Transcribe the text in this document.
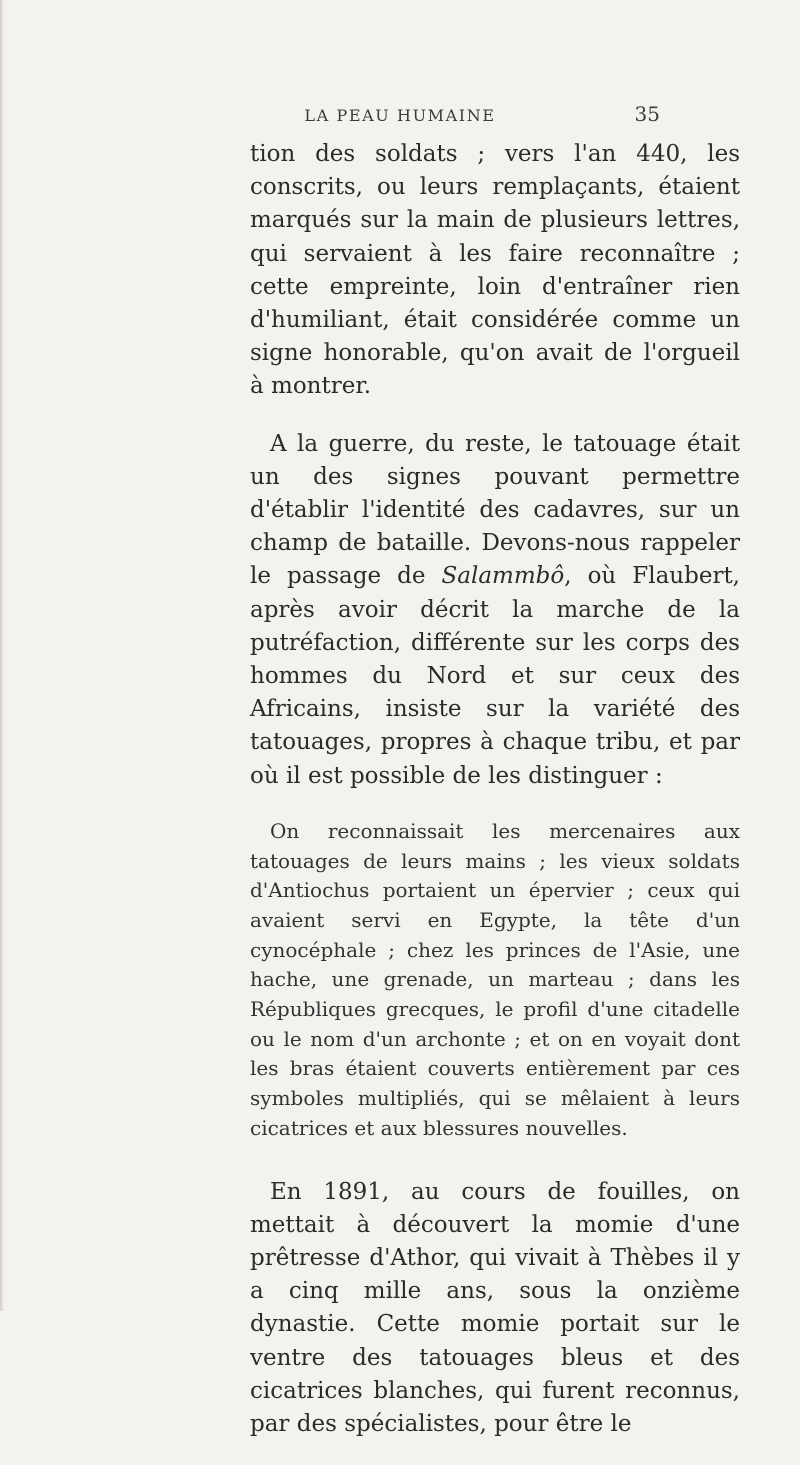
LA PEAU HUMAINE	35

tion des soldats ; vers l'an 440, les conscrits, ou leurs remplaçants, étaient marqués sur la main de plusieurs lettres, qui servaient à les faire reconnaître ; cette empreinte, loin d'entraîner rien d'humiliant, était considérée comme un signe honorable, qu'on avait de l'orgueil à montrer.

A la guerre, du reste, le tatouage était un des signes pouvant permettre d'établir l'identité des cadavres, sur un champ de bataille. Devons-nous rappeler le passage de Salammbô, où Flaubert, après avoir décrit la marche de la putréfaction, différente sur les corps des hommes du Nord et sur ceux des Africains, insiste sur la variété des tatouages, propres à chaque tribu, et par où il est possible de les distinguer :

On reconnaissait les mercenaires aux tatouages de leurs mains ; les vieux soldats d'Antiochus portaient un épervier ; ceux qui avaient servi en Egypte, la tête d'un cynocéphale ; chez les princes de l'Asie, une hache, une grenade, un marteau ; dans les Républiques grecques, le profil d'une citadelle ou le nom d'un archonte ; et on en voyait dont les bras étaient couverts entièrement par ces symboles multipliés, qui se mêlaient à leurs cicatrices et aux blessures nouvelles.

En 1891, au cours de fouilles, on mettait à découvert la momie d'une prêtresse d'Athor, qui vivait à Thèbes il y a cinq mille ans, sous la onzième dynastie. Cette momie portait sur le ventre des tatouages bleus et des cicatrices blanches, qui furent reconnus, par des spécialistes, pour être le
